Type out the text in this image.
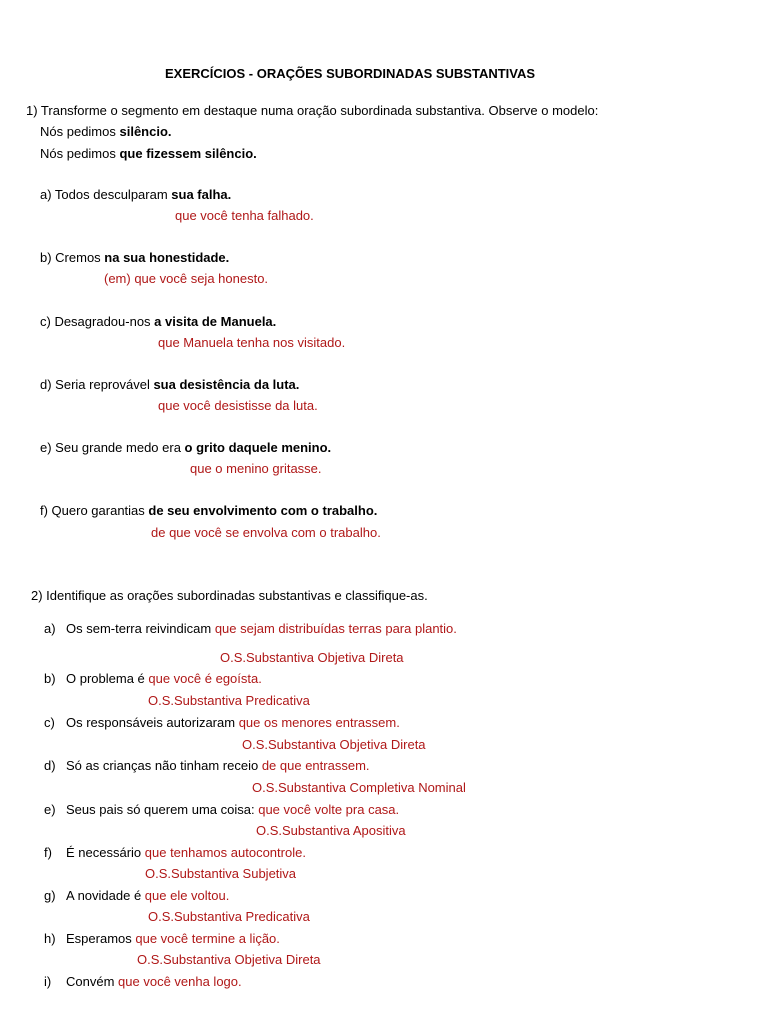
EXERCÍCIOS - ORAÇÕES SUBORDINADAS SUBSTANTIVAS
1) Transforme o segmento em destaque numa oração subordinada substantiva. Observe o modelo:
Nós pedimos silêncio.
Nós pedimos que fizessem silêncio.
a) Todos desculparam sua falha.
que você tenha falhado.
b) Cremos na sua honestidade.
(em) que você seja honesto.
c) Desagradou-nos a visita de Manuela.
que Manuela tenha nos visitado.
d) Seria reprovável sua desistência da luta.
que você desistisse da luta.
e) Seu grande medo era o grito daquele menino.
que o menino gritasse.
f) Quero garantias de seu envolvimento com o trabalho.
de que você se envolva com o trabalho.
2) Identifique as orações subordinadas substantivas e classifique-as.
a) Os sem-terra reivindicam que sejam distribuídas terras para plantio.
O.S.Substantiva Objetiva Direta
b) O problema é que você é egoísta.
O.S.Substantiva Predicativa
c) Os responsáveis autorizaram que os menores entrassem.
O.S.Substantiva Objetiva Direta
d) Só as crianças não tinham receio de que entrassem.
O.S.Substantiva Completiva Nominal
e) Seus pais só querem uma coisa: que você volte pra casa.
O.S.Substantiva Apositiva
f) É necessário que tenhamos autocontrole.
O.S.Substantiva Subjetiva
g) A novidade é que ele voltou.
O.S.Substantiva Predicativa
h) Esperamos que você termine a lição.
O.S.Substantiva Objetiva Direta
i) Convém que você venha logo.
